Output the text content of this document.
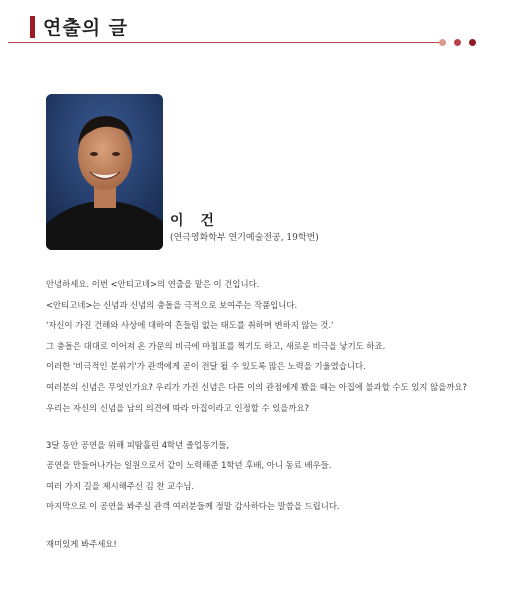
연출의 글
이 건
(연극영화학부 연기예술전공, 19학번)
안녕하세요. 이번 <안티고네>의 연출을 맡은 이 건입니다.
<안티고네>는 신념과 신념의 충돌을 극적으로 보여주는 작품입니다.
'자신이 가진 건해와 사상에 대하여 흔들림 없는 태도를 취하며 변하지 않는 것.'
그 충돌은 대대로 이어져 온 가문의 비극에 마침표를 찍기도 하고, 새로운 비극을 낳기도 하죠.
이러한 '비극적인 분위기'가 관객에게 곧이 전달 될 수 있도록 많은 노력을 기울였습니다.
여러분의 신념은 무엇인가요? 우리가 가진 신념은 다른 이의 관점에게 봤을 때는 아집에 불과할 수도 있지 않을까요?
우리는 자신의 신념을 남의 의견에 따라 아집이라고 인정할 수 있을까요?
3달 동안 공연을 위해 피땀흘린 4학년 졸업동기들,
공연을 만들어나가는 일원으로서 같이 노력해준 1학년 후배, 아니 동료 배우들.
여러 가지 길을 제시해주신 김 찬 교수님.
마지막으로 이 공연을 봐주실 관객 여러분들께 정말 감사하다는 말씀을 드립니다.
재미있게 봐주세요!
